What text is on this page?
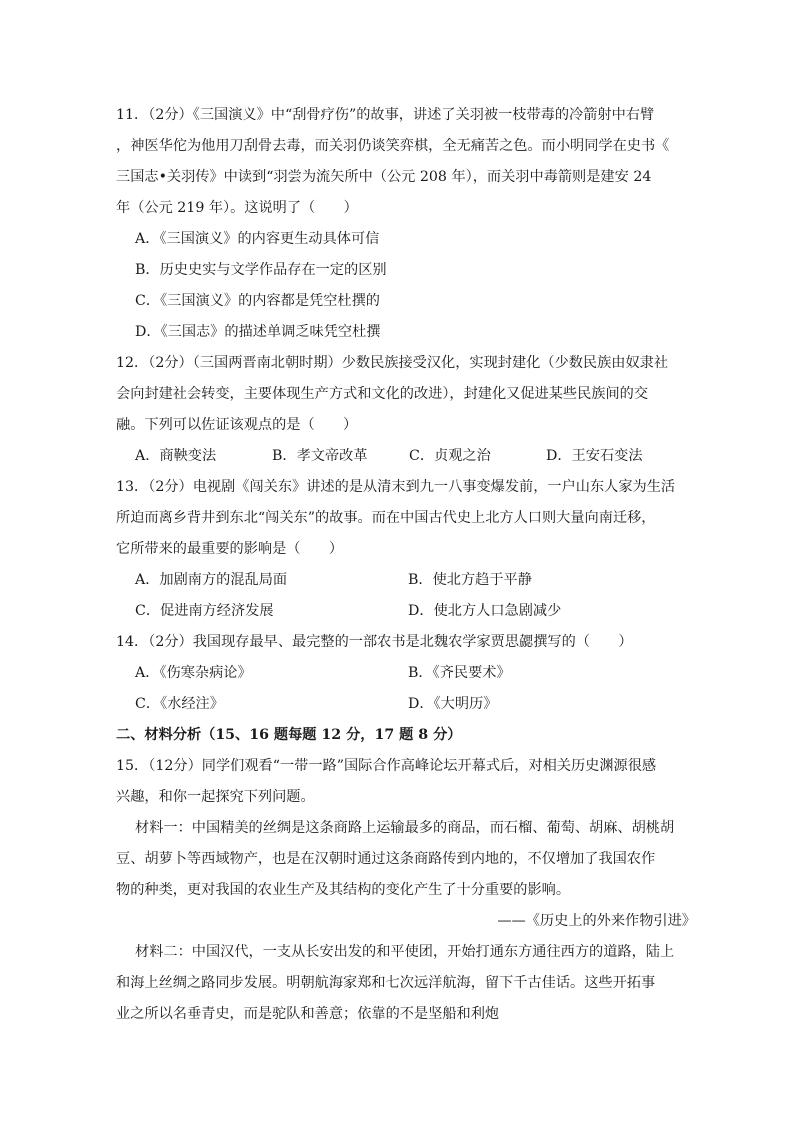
11．（2分）《三国演义》中“刮骨疗伤”的故事，讲述了关羽被一枝带毒的冷箭射中右臂
，神医华佗为他用刀刮骨去毒，而关羽仍谈笑弈棋，全无痛苦之色。而小明同学在史书《
三国志•关羽传》中读到“羽尝为流矢所中（公元 208 年），而关羽中毒箭则是建安 24
年（公元 219 年）。这说明了（　　）
A．《三国演义》的内容更生动具体可信
B．历史史实与文学作品存在一定的区别
C．《三国演义》的内容都是凭空杜撰的
D．《三国志》的描述单调乏味凭空杜撰
12．（2分）（三国两晋南北朝时期）少数民族接受汉化，实现封建化（少数民族由奴隶社
会向封建社会转变，主要体现生产方式和文化的改进），封建化又促进某些民族间的交
融。下列可以佐证该观点的是（　　）
A．商鞅变法	B．孝文帝改革	C．贞观之治	D．王安石变法
13．（2分）电视剧《闯关东》讲述的是从清末到九一八事变爆发前，一户山东人家为生活
所迫而离乡背井到东北“闯关东”的故事。而在中国古代史上北方人口则大量向南迁移，
它所带来的最重要的影响是（　　）
A．加剧南方的混乱局面	B．使北方趋于平静
C．促进南方经济发展	D．使北方人口急剧减少
14．（2分）我国现存最早、最完整的一部农书是北魏农学家贾思勰撰写的（　　）
A．《伤寒杂病论》	B．《齐民要术》
C．《水经注》	D．《大明历》
二、材料分析（15、16 题每题 12 分，17 题 8 分）
15．（12分）同学们观看“一带一路”国际合作高峰论坛开幕式后，对相关历史渊源很感
兴趣，和你一起探究下列问题。
材料一：中国精美的丝绸是这条商路上运输最多的商品，而石榴、葡萄、胡麻、胡桃胡
豆、胡萝卜等西域物产，也是在汉朝时通过这条商路传到内地的，不仅增加了我国农作
物的种类，更对我国的农业生产及其结构的变化产生了十分重要的影响。
——《历史上的外来作物引进》
材料二：中国汉代，一支从长安出发的和平使团，开始打通东方通往西方的道路，陆上
和海上丝绸之路同步发展。明朝航海家郑和七次远洋航海，留下千古佳话。这些开拓事
业之所以名垂青史，而是驼队和善意；依靠的不是坚船和利炮
